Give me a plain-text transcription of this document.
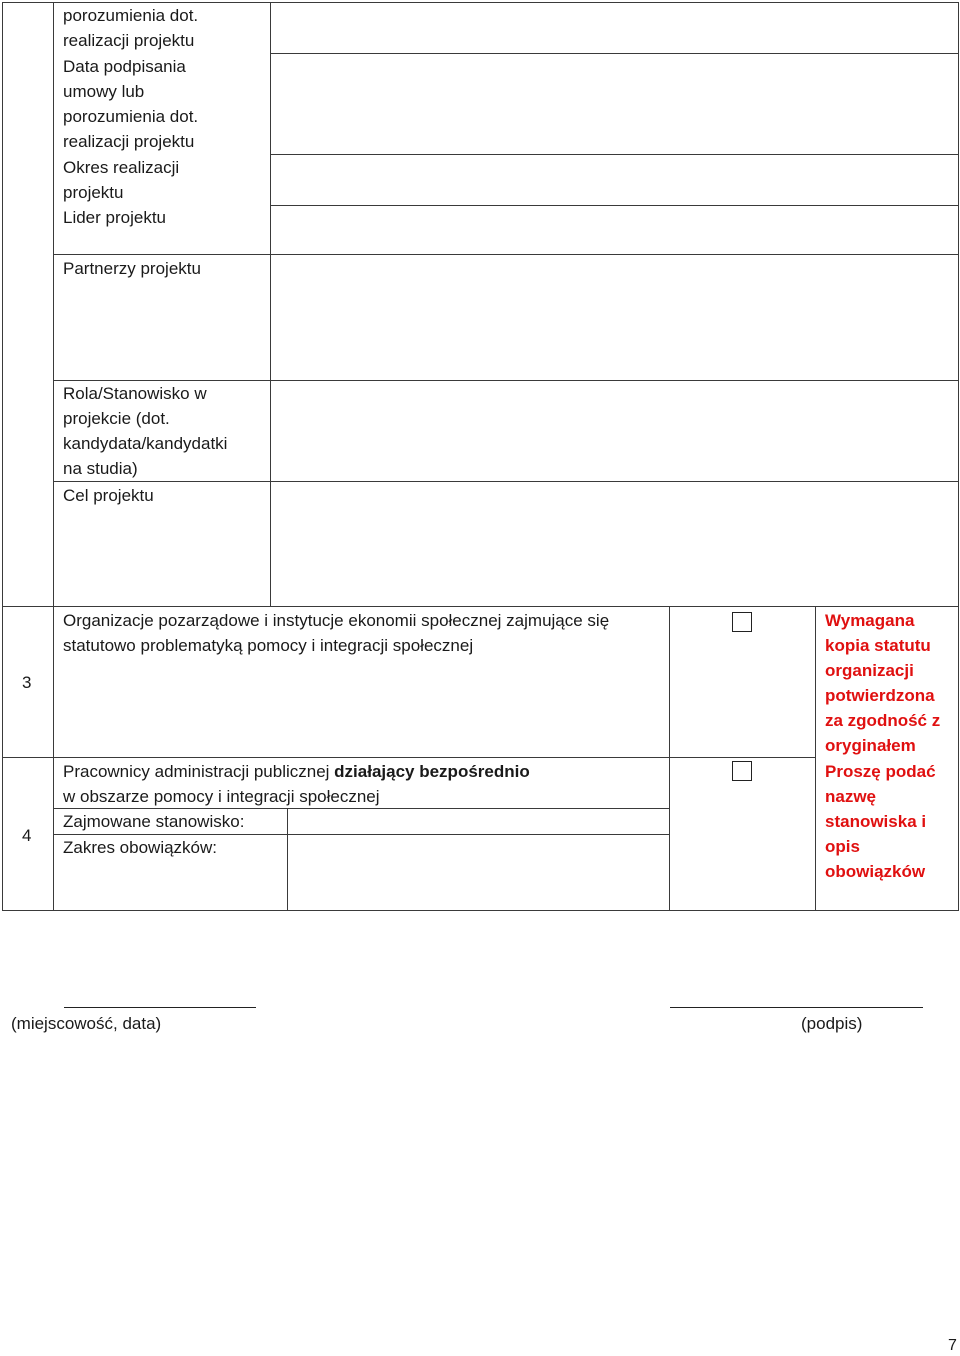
porozumienia dot.
realizacji projektu
Data podpisania
umowy lub
porozumienia dot.
realizacji projektu
Okres realizacji
projektu
Lider projektu
Partnerzy projektu
Rola/Stanowisko w
projekcie (dot.
kandydata/kandydatki
na studia)
Cel projektu
3
Organizacje pozarządowe i instytucje ekonomii społecznej zajmujące się
statutowo problematyką pomocy i integracji społecznej
Wymagana
kopia statutu
organizacji
potwierdzona
za zgodność z
oryginałem
4
Pracownicy administracji publicznej działający bezpośrednio
w obszarze pomocy i integracji społecznej
Zajmowane stanowisko:
Zakres obowiązków:
Proszę podać
nazwę
stanowiska i
opis
obowiązków
(miejscowość, data)	(podpis)
7
